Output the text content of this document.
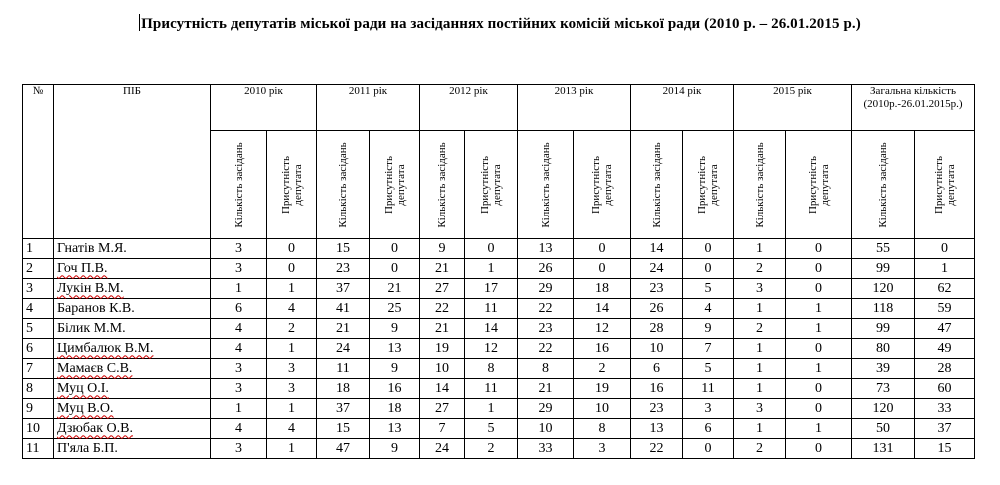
Присутність депутатів міської ради на засіданнях постійних комісій міської ради (2010 р. – 26.01.2015 р.)
№	ПІБ	2010 рік		2011 рік		2012 рік		2013 рік		2014 рік		2015 рік		Загальна кількість (2010р.-26.01.2015р.)	

		Кількість засідань	Присутність депутата	Кількість засідань	Присутність депутата	Кількість засідань	Присутність депутата	Кількість засідань	Присутність депутата	Кількість засідань	Присутність депутата	Кількість засідань	Присутність депутата	Кількість засідань	Присутність депутата

1	Гнатів М.Я.	3	0	15	0	9	0	13	0	14	0	1	0	55	0
2	Гоч П.В.	3	0	23	0	21	1	26	0	24	0	2	0	99	1
3	Лукін В.М.	1	1	37	21	27	17	29	18	23	5	3	0	120	62
4	Баранов К.В.	6	4	41	25	22	11	22	14	26	4	1	1	118	59
5	Білик М.М.	4	2	21	9	21	14	23	12	28	9	2	1	99	47
6	Цимбалюк В.М.	4	1	24	13	19	12	22	16	10	7	1	0	80	49
7	Мамаєв С.В.	3	3	11	9	10	8	8	2	6	5	1	1	39	28
8	Муц О.І.	3	3	18	16	14	11	21	19	16	11	1	0	73	60
9	Муц В.О.	1	1	37	18	27	1	29	10	23	3	3	0	120	33
10	Дзюбак О.В.	4	4	15	13	7	5	10	8	13	6	1	1	50	37
11	П'яла Б.П.	3	1	47	9	24	2	33	3	22	0	2	0	131	15
